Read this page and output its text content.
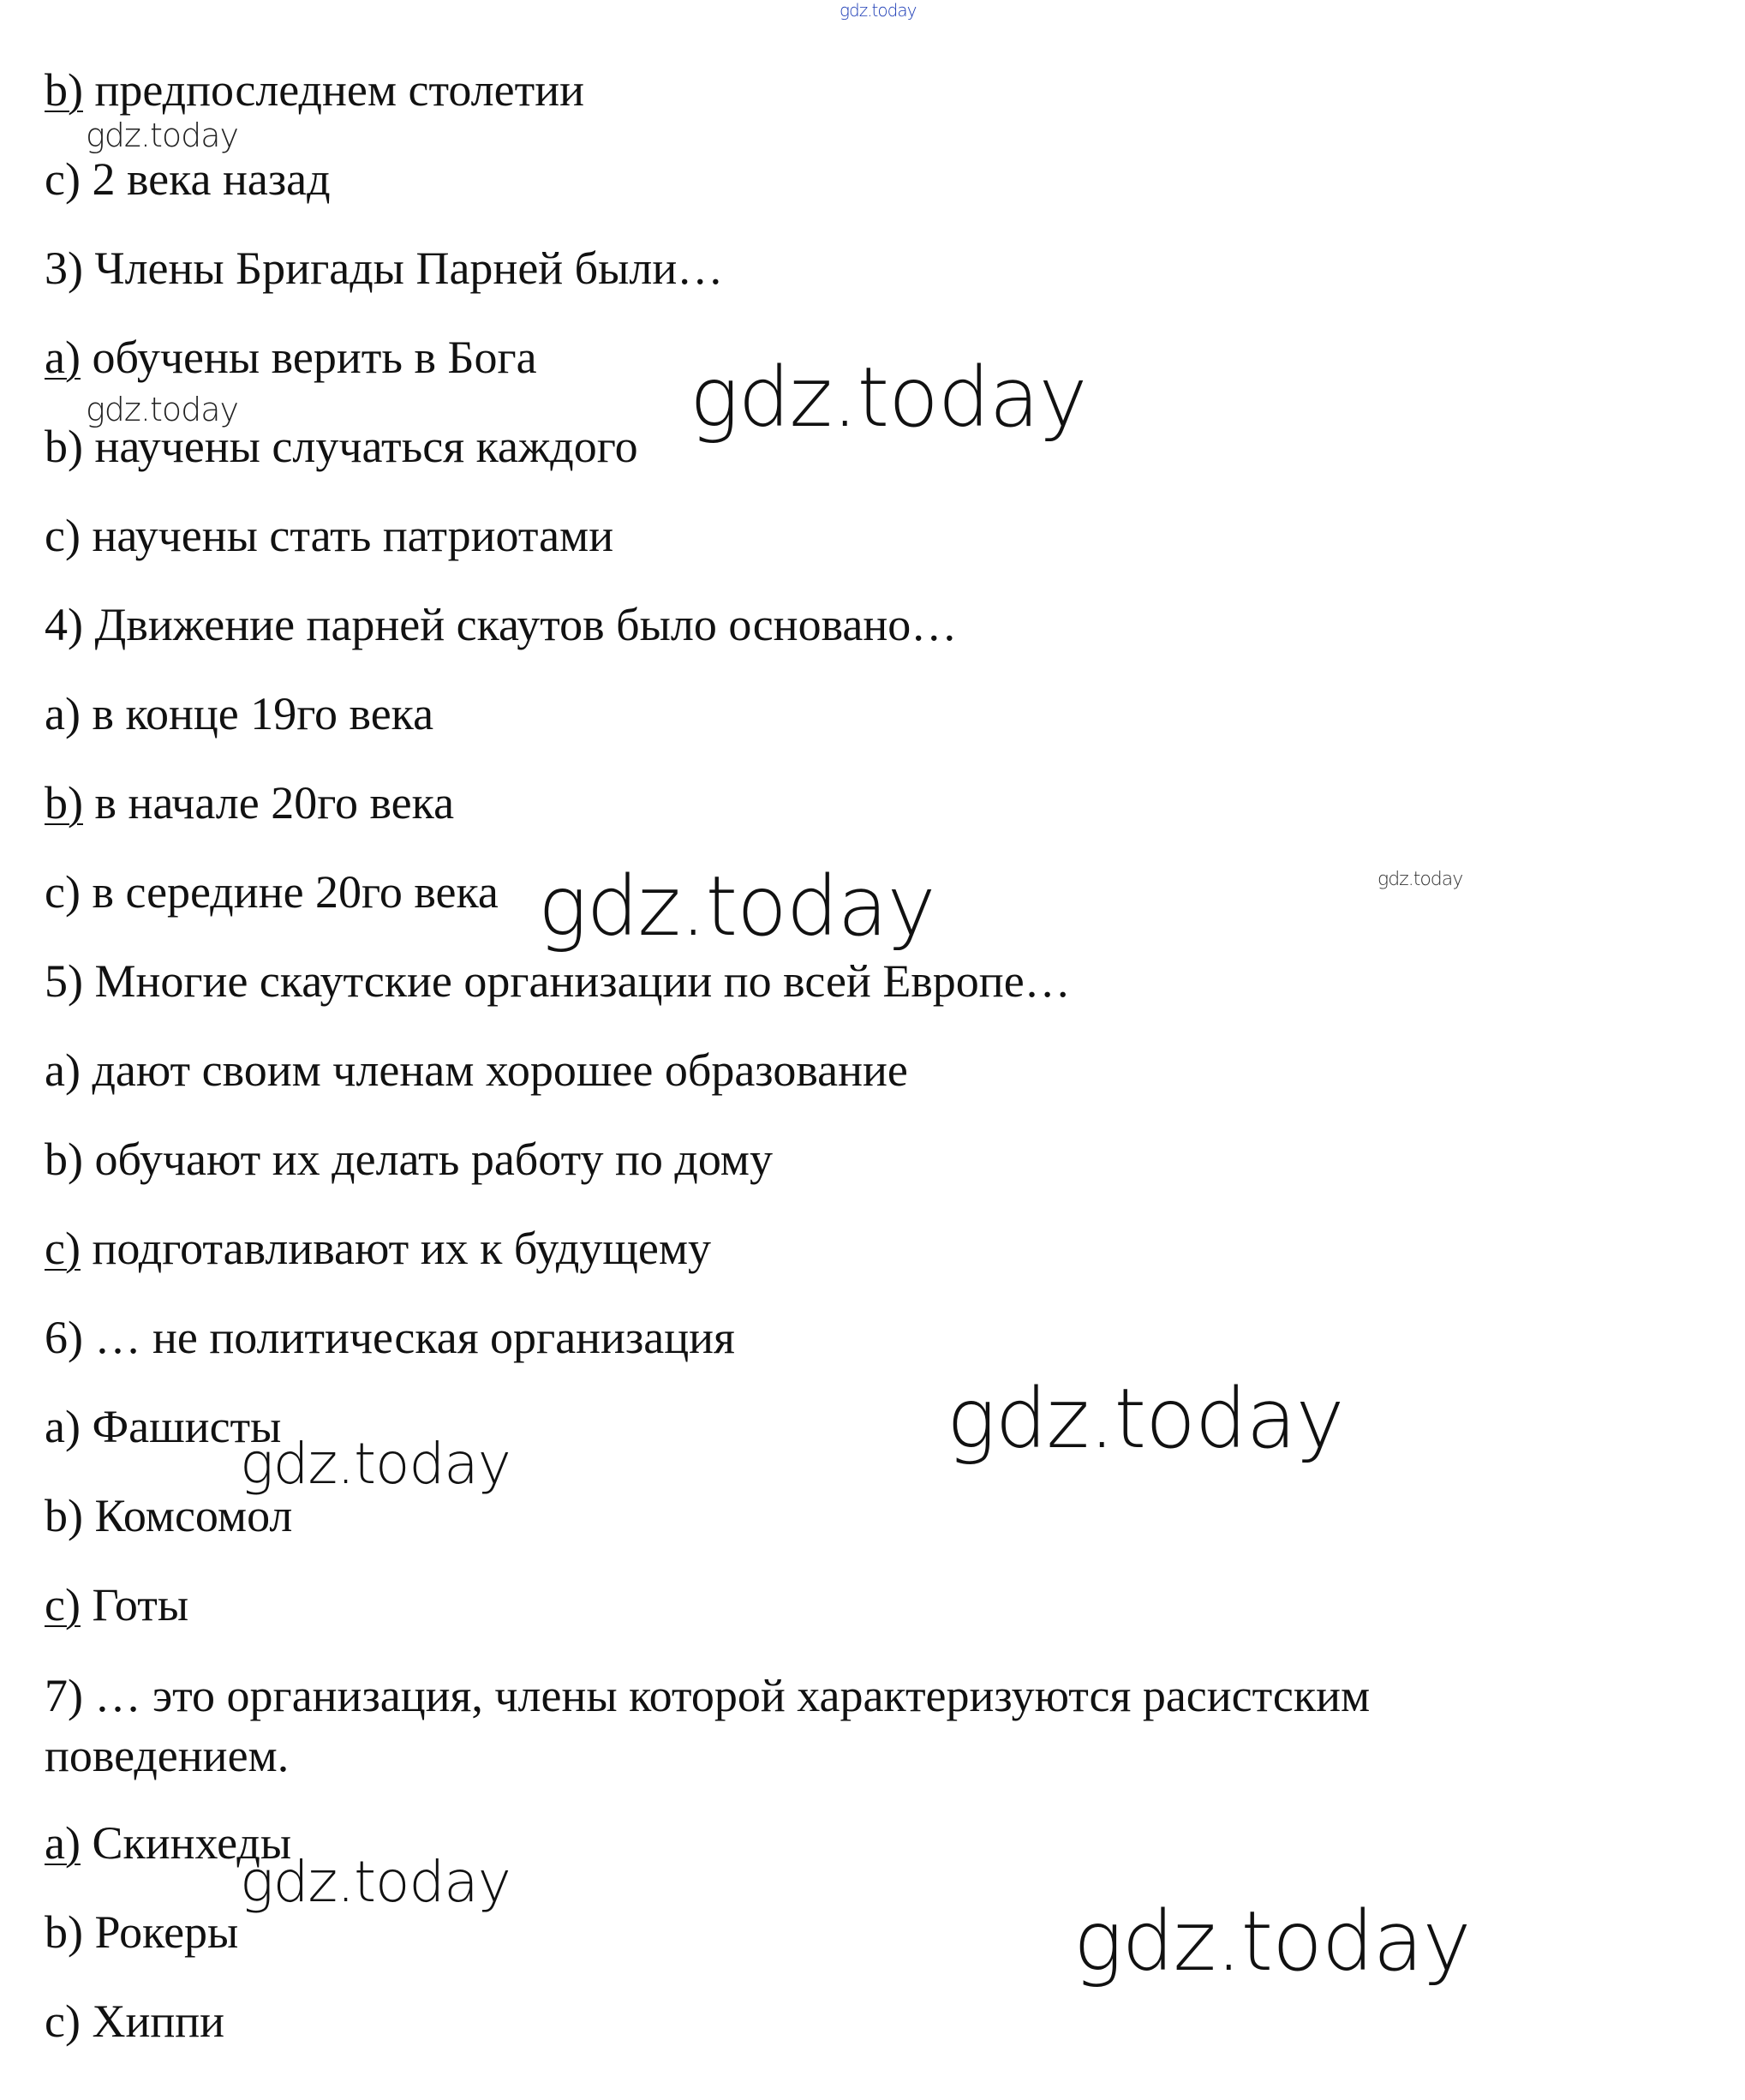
gdz.today
b) предпоследнем столетии
c) 2 века назад
3) Члены Бригады Парней были…
a) обучены верить в Бога
b) научены случаться каждого
c) научены стать патриотами
4) Движение парней скаутов было основано…
a) в конце 19го века
b) в начале 20го века
c) в середине 20го века
5) Многие скаутские организации по всей Европе…
a) дают своим членам хорошее образование
b) обучают их делать работу по дому
c) подготавливают их к будущему
6) … не политическая организация
a) Фашисты
b) Комсомол
c) Готы
7) … это организация, члены которой характеризуются расистским поведением.
a) Скинхеды
b) Рокеры
c) Хиппи
gdz.today
gdz.today	gdz.today
gdz.today
gdz.today
gdz.today
gdz.today
gdz.today
gdz.today
